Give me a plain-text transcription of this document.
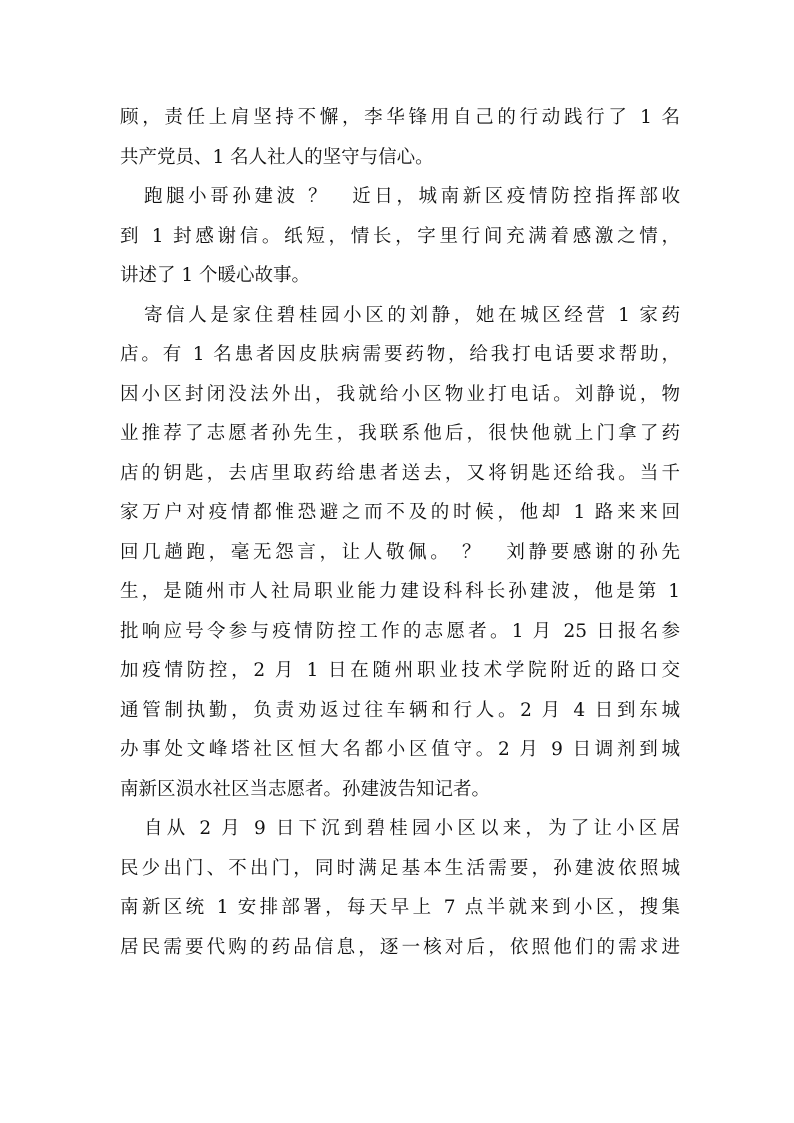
顾，责任上肩坚持不懈，李华锋用自己的行动践行了 1 名
共产党员、1 名人社人的坚守与信心。
跑腿小哥孙建波 ？　近日，城南新区疫情防控指挥部收
到 1 封感谢信。纸短，情长，字里行间充满着感激之情，
讲述了 1 个暖心故事。
寄信人是家住碧桂园小区的刘静，她在城区经营 1 家药
店。有 1 名患者因皮肤病需要药物，给我打电话要求帮助，
因小区封闭没法外出，我就给小区物业打电话。刘静说，物
业推荐了志愿者孙先生，我联系他后，很快他就上门拿了药
店的钥匙，去店里取药给患者送去，又将钥匙还给我。当千
家万户对疫情都惟恐避之而不及的时候，他却 1 路来来回
回几趟跑，毫无怨言，让人敬佩。 ？　刘静要感谢的孙先
生，是随州市人社局职业能力建设科科长孙建波，他是第 1
批响应号令参与疫情防控工作的志愿者。1 月 25 日报名参
加疫情防控，2 月 1 日在随州职业技术学院附近的路口交
通管制执勤，负责劝返过往车辆和行人。2 月 4 日到东城
办事处文峰塔社区恒大名都小区值守。2 月 9 日调剂到城
南新区涢水社区当志愿者。孙建波告知记者。
自从 2 月 9 日下沉到碧桂园小区以来，为了让小区居
民少出门、不出门，同时满足基本生活需要，孙建波依照城
南新区统 1 安排部署，每天早上 7 点半就来到小区，搜集
居民需要代购的药品信息，逐一核对后，依照他们的需求进
